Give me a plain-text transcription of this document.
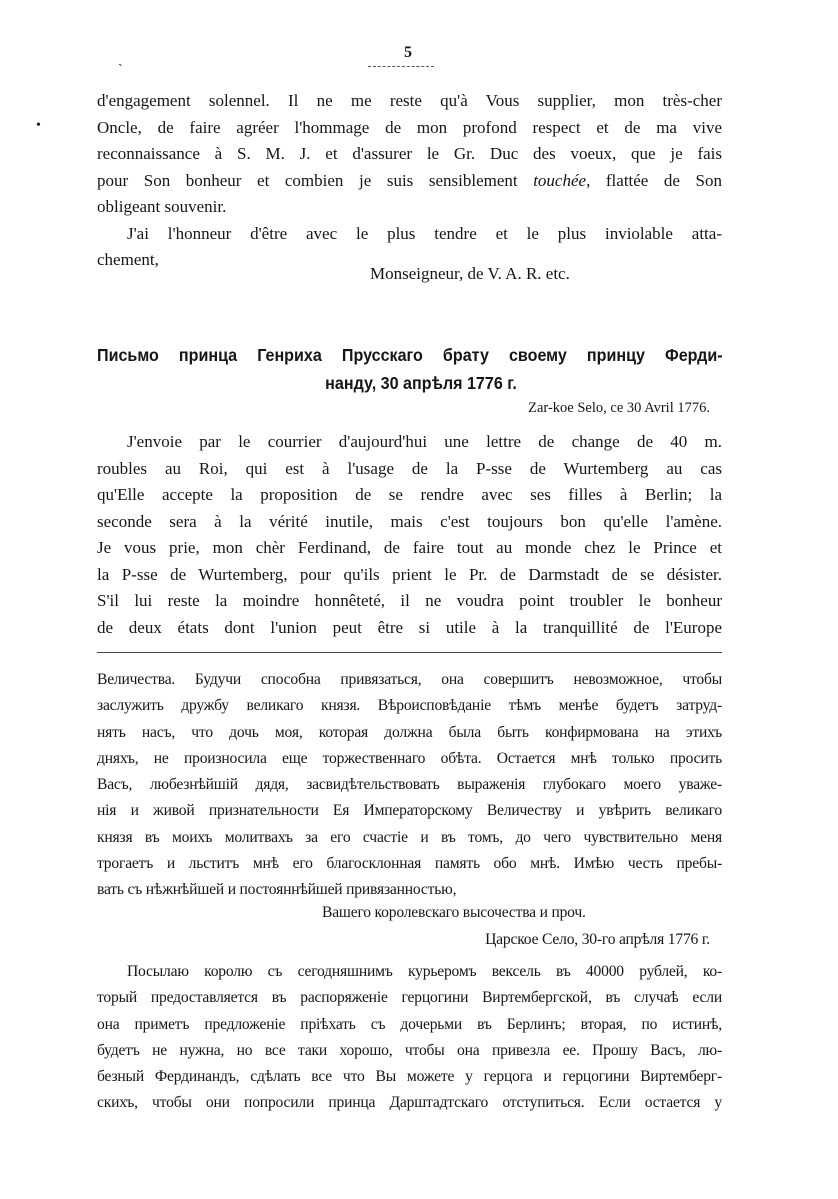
5
ˏ
•
d'engagement solennel. Il ne me reste qu'à Vous supplier, mon très-cher
Oncle, de faire agréer l'hommage de mon profond respect et de ma vive
reconnaissance à S. M. J. et d'assurer le Gr. Duc des voeux, que je fais
pour Son bonheur et combien je suis sensiblement touchée, flattée de Son
obligeant souvenir.
J'ai l'honneur d'être avec le plus tendre et le plus inviolable atta-
chement,
Monseigneur, de V. A. R. etc.
Письмо принца Генриха Прусскаго брату своему принцу Ферди-
нанду, 30 апрѣля 1776 г.
Zar-koe Selo, ce 30 Avril 1776.
J'envoie par le courrier d'aujourd'hui une lettre de change de 40 m.
roubles au Roi, qui est à l'usage de la P-sse de Wurtemberg au cas
qu'Elle accepte la proposition de se rendre avec ses filles à Berlin; la
seconde sera à la vérité inutile, mais c'est toujours bon qu'elle l'amène.
Je vous prie, mon chèr Ferdinand, de faire tout au monde chez le Prince et
la P-sse de Wurtemberg, pour qu'ils prient le Pr. de Darmstadt de se désister.
S'il lui reste la moindre honnêteté, il ne voudra point troubler le bonheur
de deux états dont l'union peut être si utile à la tranquillité de l'Europe
Величества. Будучи способна привязаться, она совершитъ невозможное, чтобы
заслужить дружбу великаго князя. Вѣроисповѣданіе тѣмъ менѣе будетъ затруд-
нять насъ, что дочь моя, которая должна была быть конфирмована на этихъ
дняхъ, не произносила еще торжественнаго обѣта. Остается мнѣ только просить
Васъ, любезнѣйшій дядя, засвидѣтельствовать выраженія глубокаго моего уваже-
нія и живой признательности Ея Императорскому Величеству и увѣрить великаго
князя въ моихъ молитвахъ за его счастіе и въ томъ, до чего чувствительно меня
трогаетъ и льститъ мнѣ его благосклонная память обо мнѣ. Имѣю честь пребы-
вать съ нѣжнѣйшей и постояннѣйшей привязанностью,
Вашего королевскаго высочества и проч.
Царское Село, 30-го апрѣля 1776 г.
Посылаю королю съ сегодняшнимъ курьеромъ вексель въ 40000 рублей, ко-
торый предоставляется въ распоряженіе герцогини Виртембергской, въ случаѣ если
она приметъ предложеніе пріѣхать съ дочерьми въ Берлинъ; вторая, по истинѣ,
будетъ не нужна, но все таки хорошо, чтобы она привезла ее. Прошу Васъ, лю-
безный Фердинандъ, сдѣлать все что Вы можете у герцога и герцогини Виртемберг-
скихъ, чтобы они попросили принца Дарштадтскаго отступиться. Если остается у
